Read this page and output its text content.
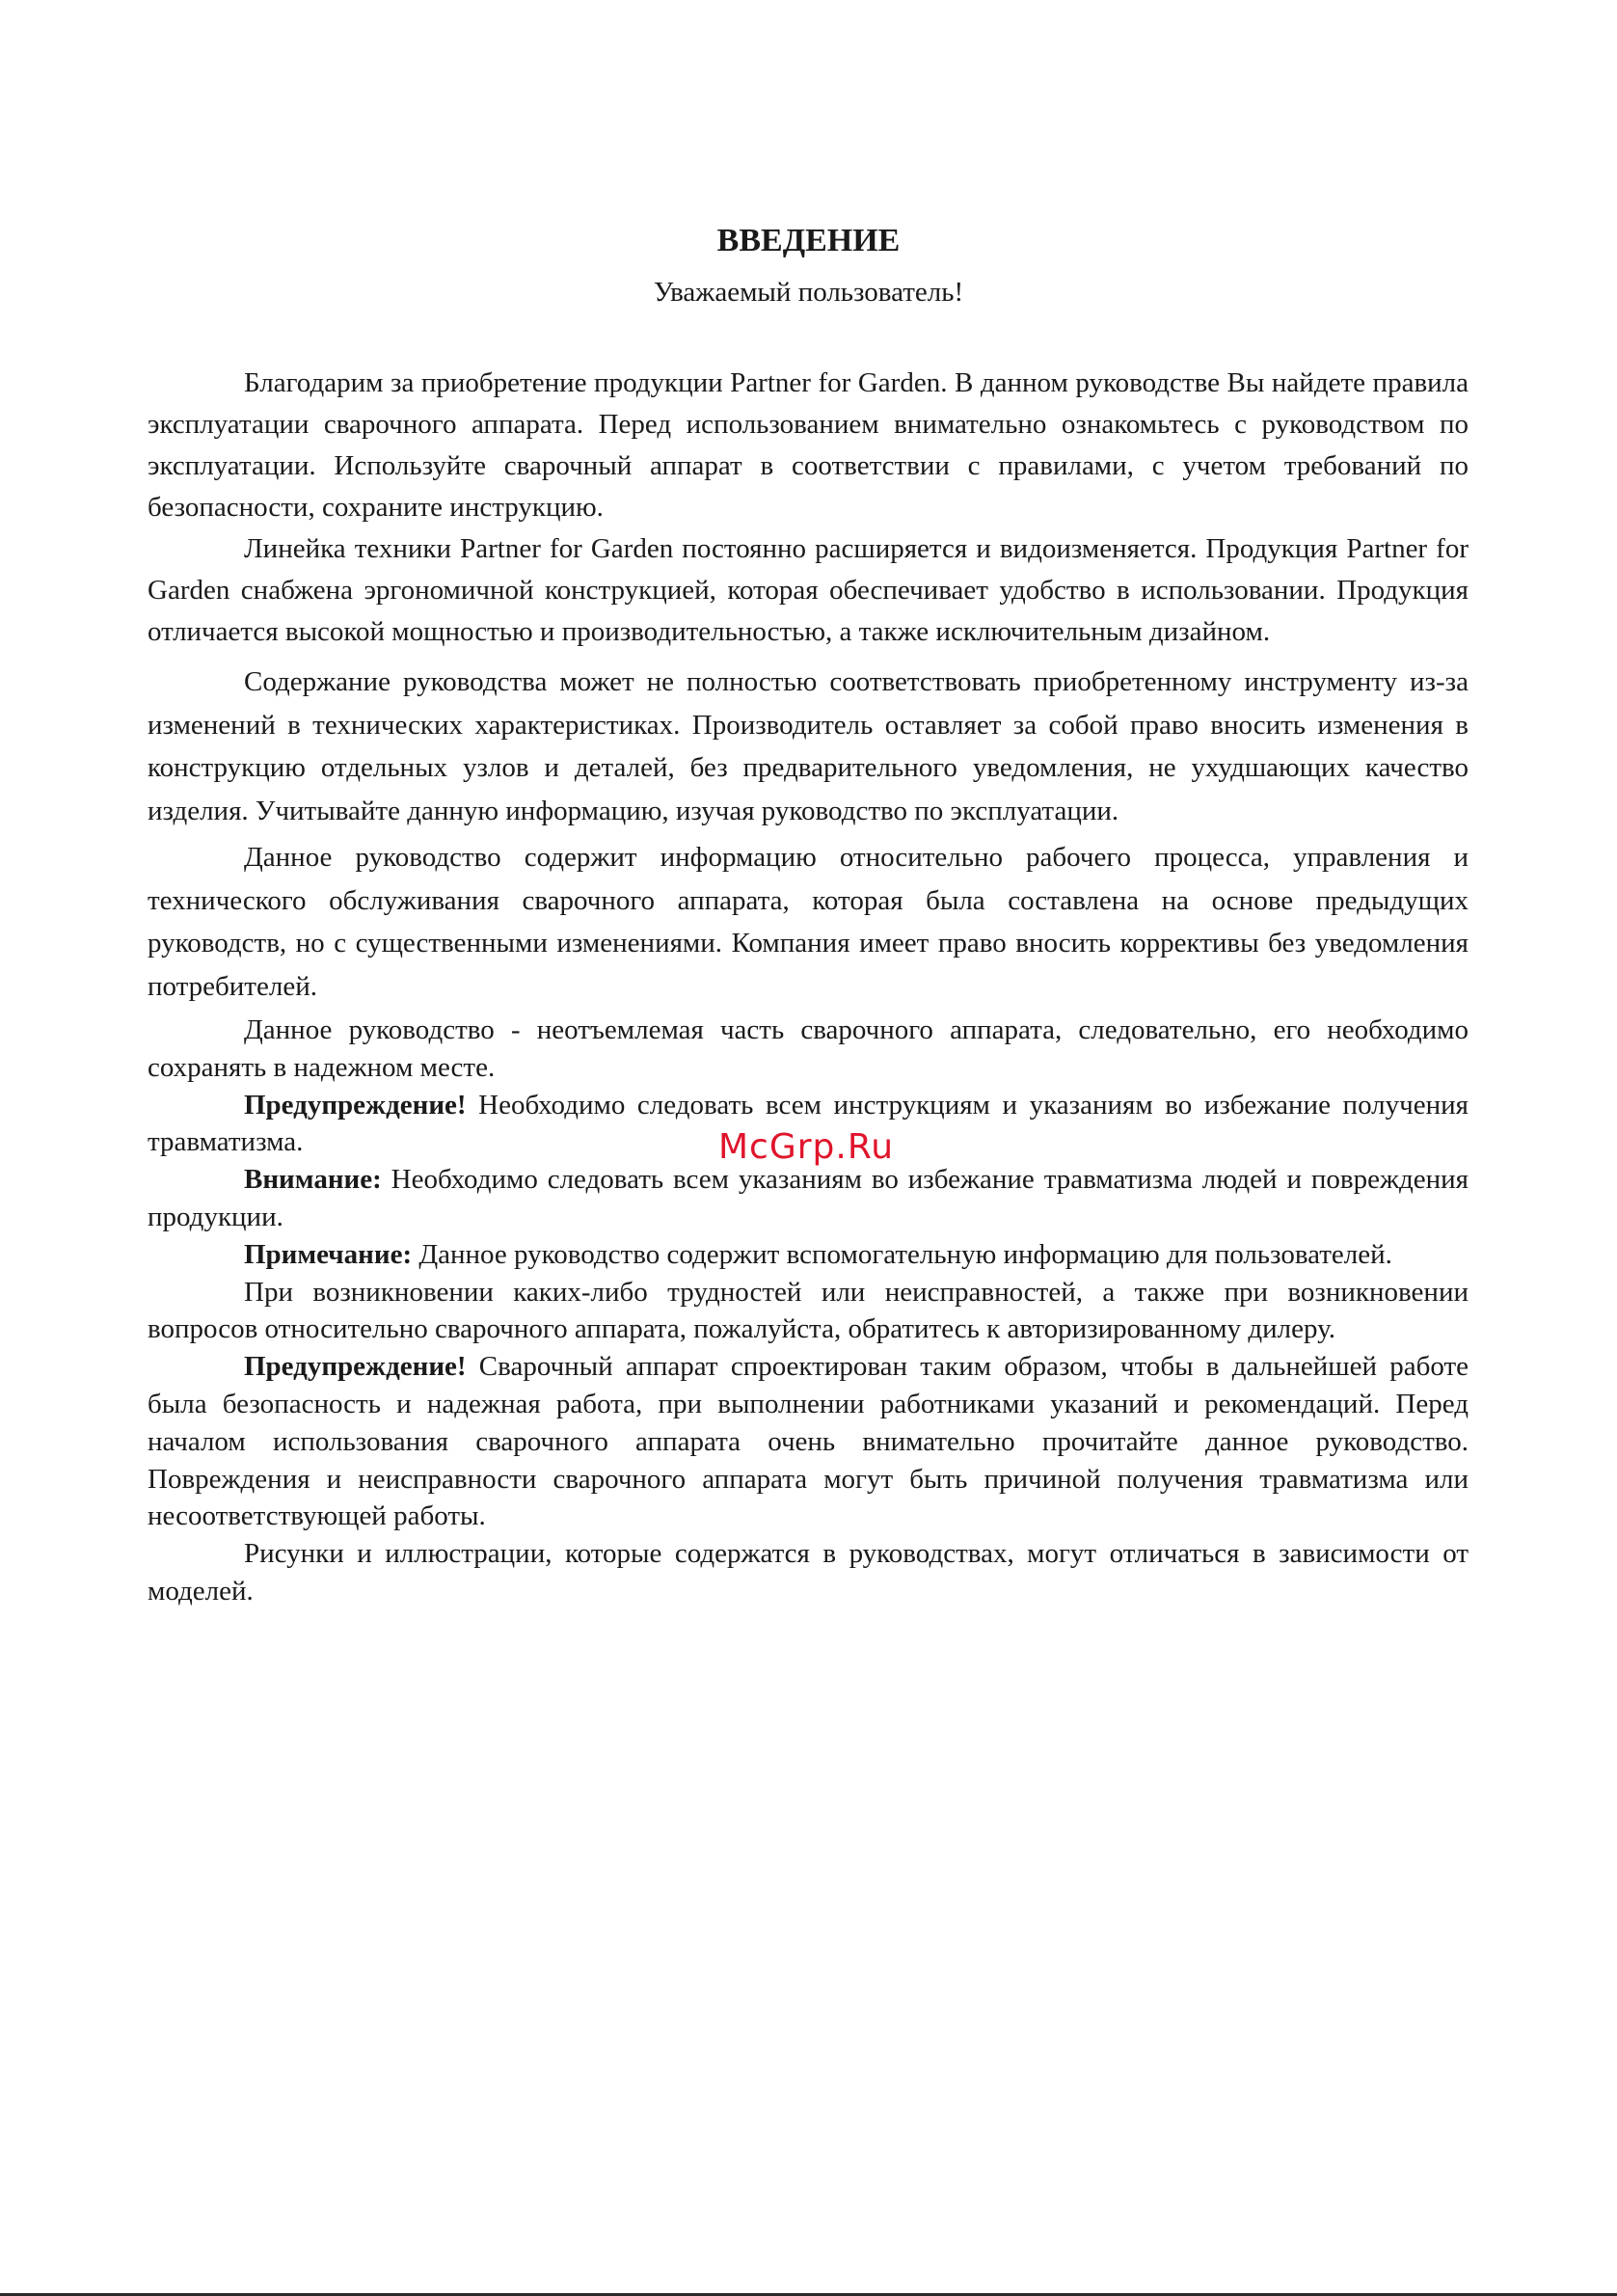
ВВЕДЕНИЕ
Уважаемый пользователь!

Благодарим за приобретение продукции Partner for Garden. В данном руководстве Вы найдете правила эксплуатации сварочного аппарата. Перед использованием внимательно ознакомьтесь с руководством по эксплуатации. Используйте сварочный аппарат в соответствии с правилами, с учетом требований по безопасности, сохраните инструкцию.

Линейка техники Partner for Garden постоянно расширяется и видоизменяется. Продукция Partner for Garden снабжена эргономичной конструкцией, которая обеспечивает удобство в использовании. Продукция отличается высокой мощностью и производительностью, а также исключительным дизайном.

Содержание руководства может не полностью соответствовать приобретенному инструменту из-за изменений в технических характеристиках. Производитель оставляет за собой право вносить изменения в конструкцию отдельных узлов и деталей, без предварительного уведомления, не ухудшающих качество изделия. Учитывайте данную информацию, изучая руководство по эксплуатации.

Данное руководство содержит информацию относительно рабочего процесса, управления и технического обслуживания сварочного аппарата, которая была составлена на основе предыдущих руководств, но с существенными изменениями. Компания имеет право вносить коррективы без уведомления потребителей.

Данное руководство - неотъемлемая часть сварочного аппарата, следовательно, его необходимо сохранять в надежном месте.

Предупреждение! Необходимо следовать всем инструкциям и указаниям во избежание получения травматизма.

Внимание: Необходимо следовать всем указаниям во избежание травматизма людей и повреждения продукции.

Примечание: Данное руководство содержит вспомогательную информацию для пользователей.

При возникновении каких-либо трудностей или неисправностей, а также при возникновении вопросов относительно сварочного аппарата, пожалуйста, обратитесь к авторизированному дилеру.

Предупреждение! Сварочный аппарат спроектирован таким образом, чтобы в дальнейшей работе была безопасность и надежная работа, при выполнении работниками указаний и рекомендаций. Перед началом использования сварочного аппарата очень внимательно прочитайте данное руководство. Повреждения и неисправности сварочного аппарата могут быть причиной получения травматизма или несоответствующей работы.

Рисунки и иллюстрации, которые содержатся в руководствах, могут отличаться в зависимости от моделей.

McGrp.Ru
